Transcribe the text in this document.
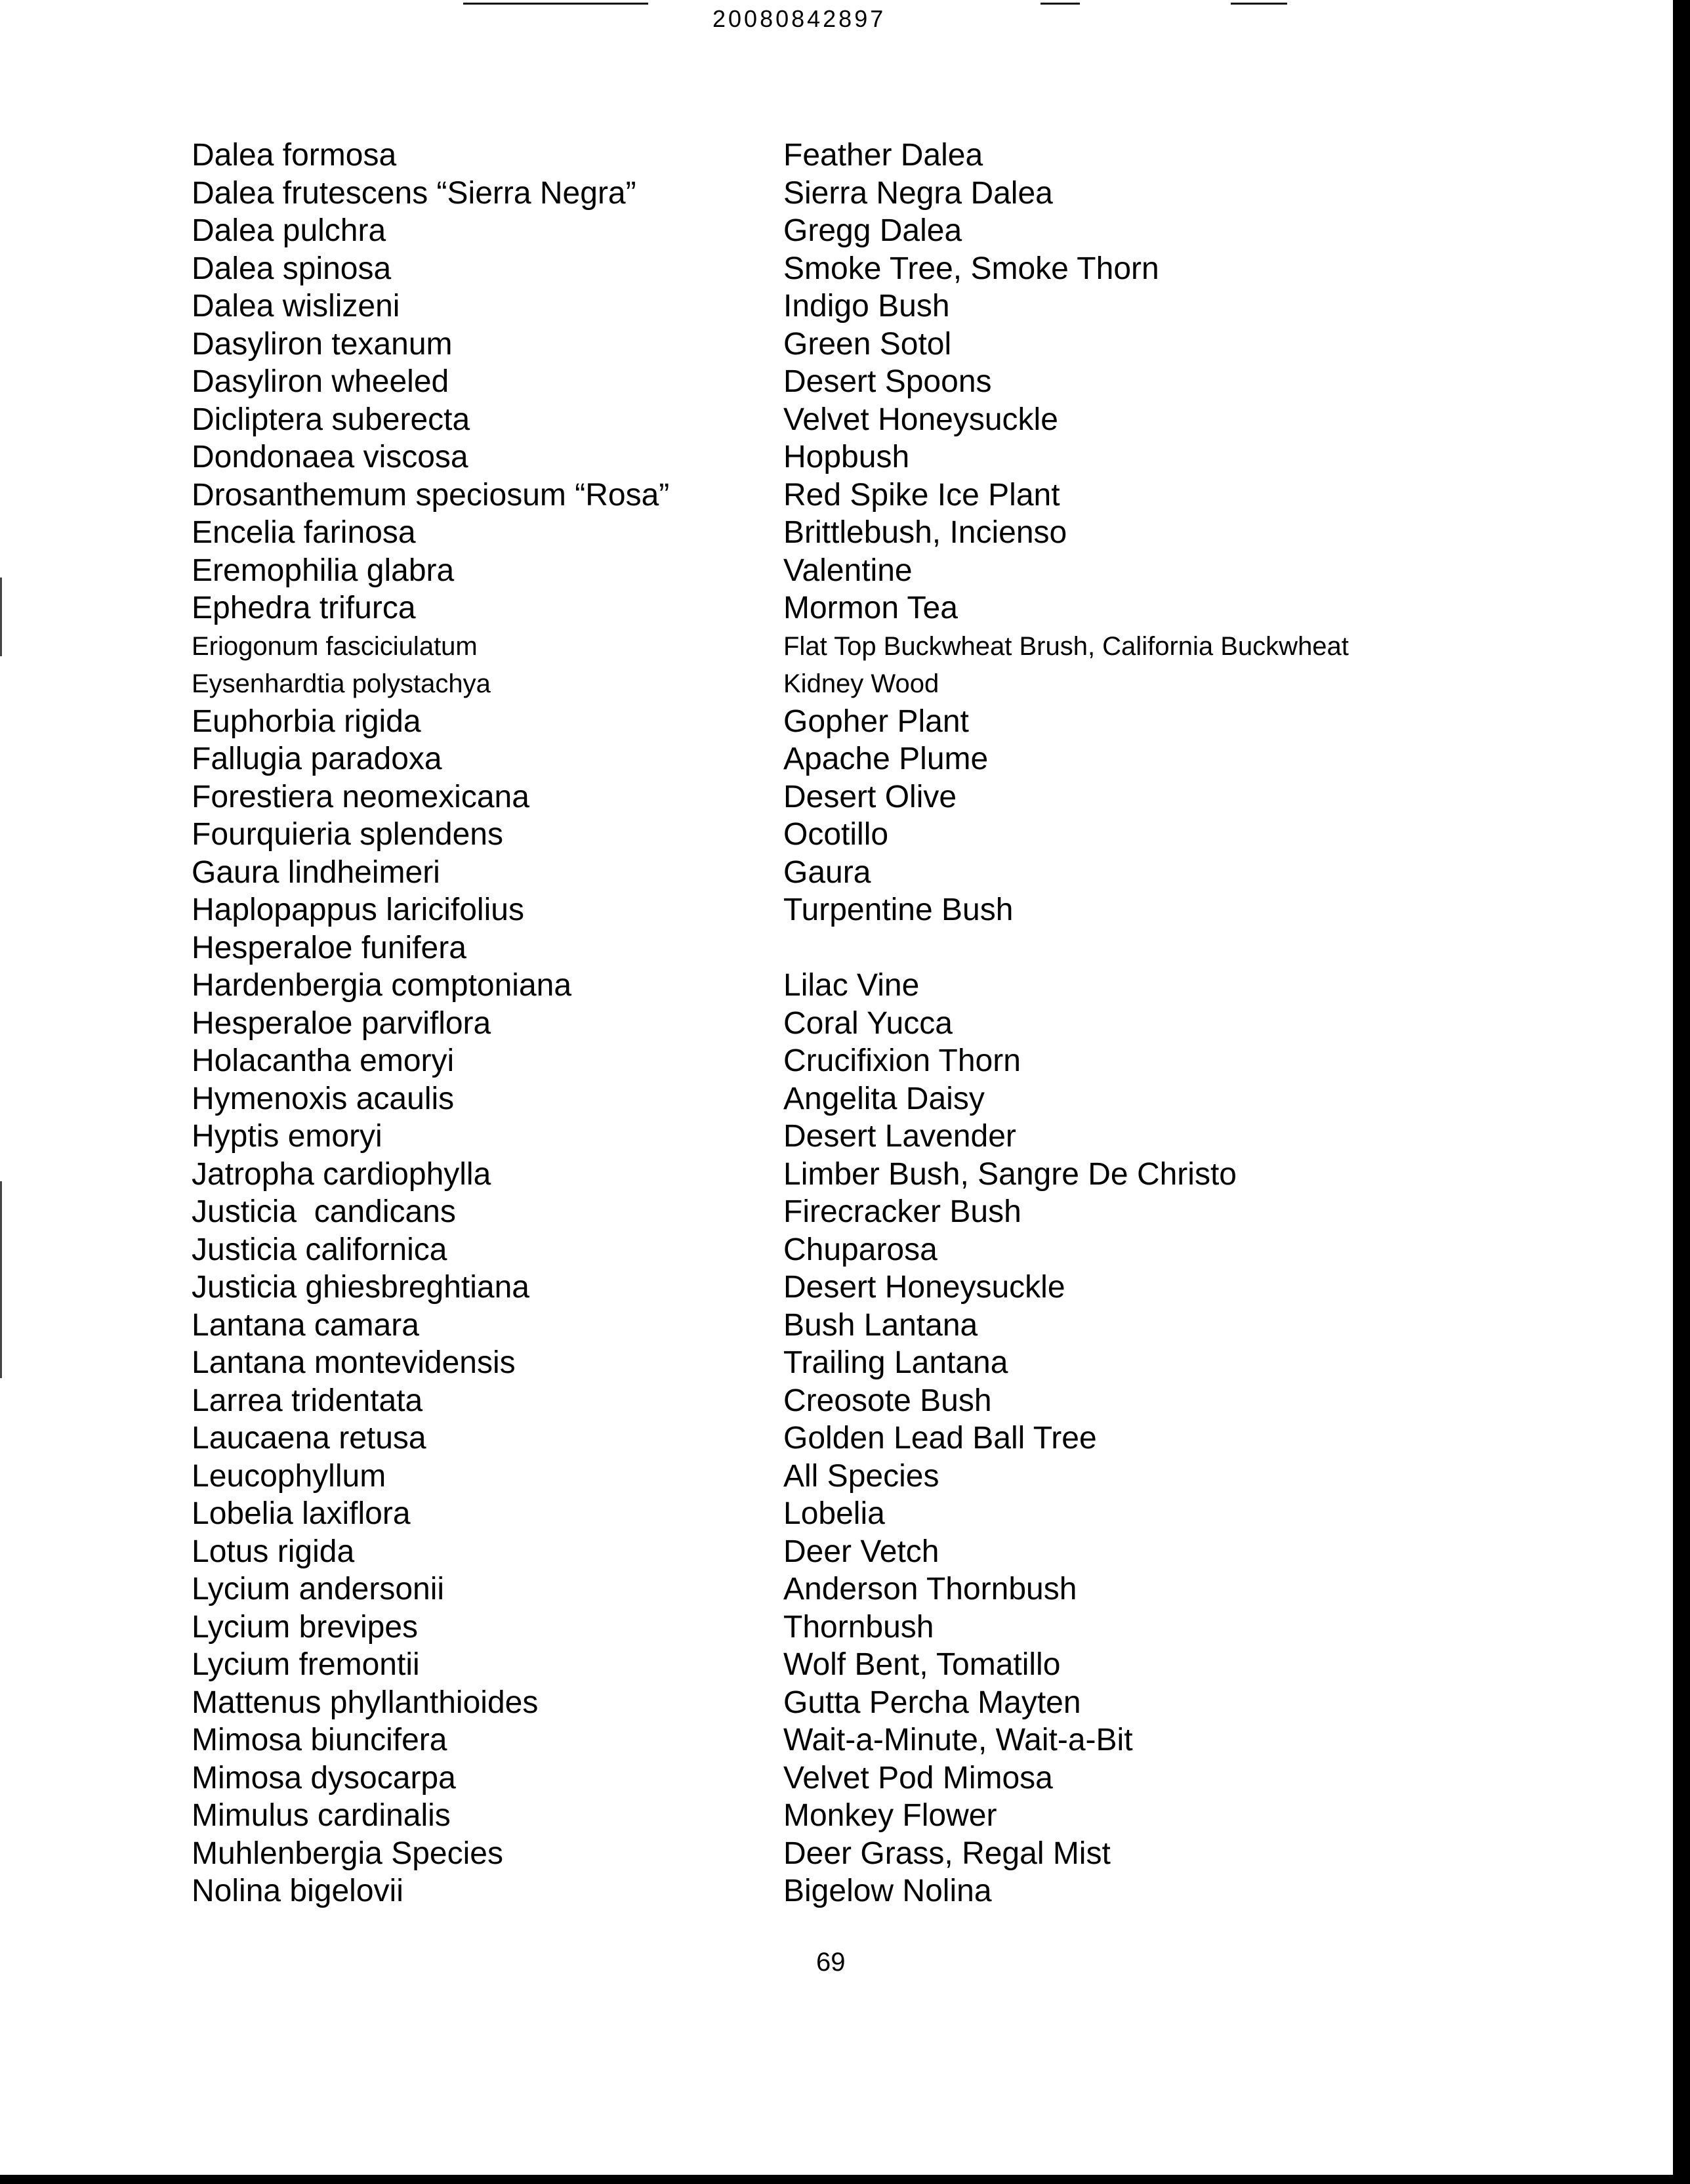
20080842897
Dalea formosa	Feather Dalea
Dalea frutescens “Sierra Negra”	Sierra Negra Dalea
Dalea pulchra	Gregg Dalea
Dalea spinosa	Smoke Tree, Smoke Thorn
Dalea wislizeni	Indigo Bush
Dasyliron texanum	Green Sotol
Dasyliron wheeled	Desert Spoons
Dicliptera suberecta	Velvet Honeysuckle
Dondonaea viscosa	Hopbush
Drosanthemum speciosum “Rosa”	Red Spike Ice Plant
Encelia farinosa	Brittlebush, Incienso
Eremophilia glabra	Valentine
Ephedra trifurca	Mormon Tea
Eriogonum fasciciulatum	Flat Top Buckwheat Brush, California Buckwheat
Eysenhardtia polystachya	Kidney Wood
Euphorbia rigida	Gopher Plant
Fallugia paradoxa	Apache Plume
Forestiera neomexicana	Desert Olive
Fourquieria splendens	Ocotillo
Gaura lindheimeri	Gaura
Haplopappus laricifolius	Turpentine Bush
Hesperaloe funifera
Hardenbergia comptoniana	Lilac Vine
Hesperaloe parviflora	Coral Yucca
Holacantha emoryi	Crucifixion Thorn
Hymenoxis acaulis	Angelita Daisy
Hyptis emoryi	Desert Lavender
Jatropha cardiophylla	Limber Bush, Sangre De Christo
Justicia  candicans	Firecracker Bush
Justicia californica	Chuparosa
Justicia ghiesbreghtiana	Desert Honeysuckle
Lantana camara	Bush Lantana
Lantana montevidensis	Trailing Lantana
Larrea tridentata	Creosote Bush
Laucaena retusa	Golden Lead Ball Tree
Leucophyllum	All Species
Lobelia laxiflora	Lobelia
Lotus rigida	Deer Vetch
Lycium andersonii	Anderson Thornbush
Lycium brevipes	Thornbush
Lycium fremontii	Wolf Bent, Tomatillo
Mattenus phyllanthioides	Gutta Percha Mayten
Mimosa biuncifera	Wait-a-Minute, Wait-a-Bit
Mimosa dysocarpa	Velvet Pod Mimosa
Mimulus cardinalis	Monkey Flower
Muhlenbergia Species	Deer Grass, Regal Mist
Nolina bigelovii	Bigelow Nolina
69
